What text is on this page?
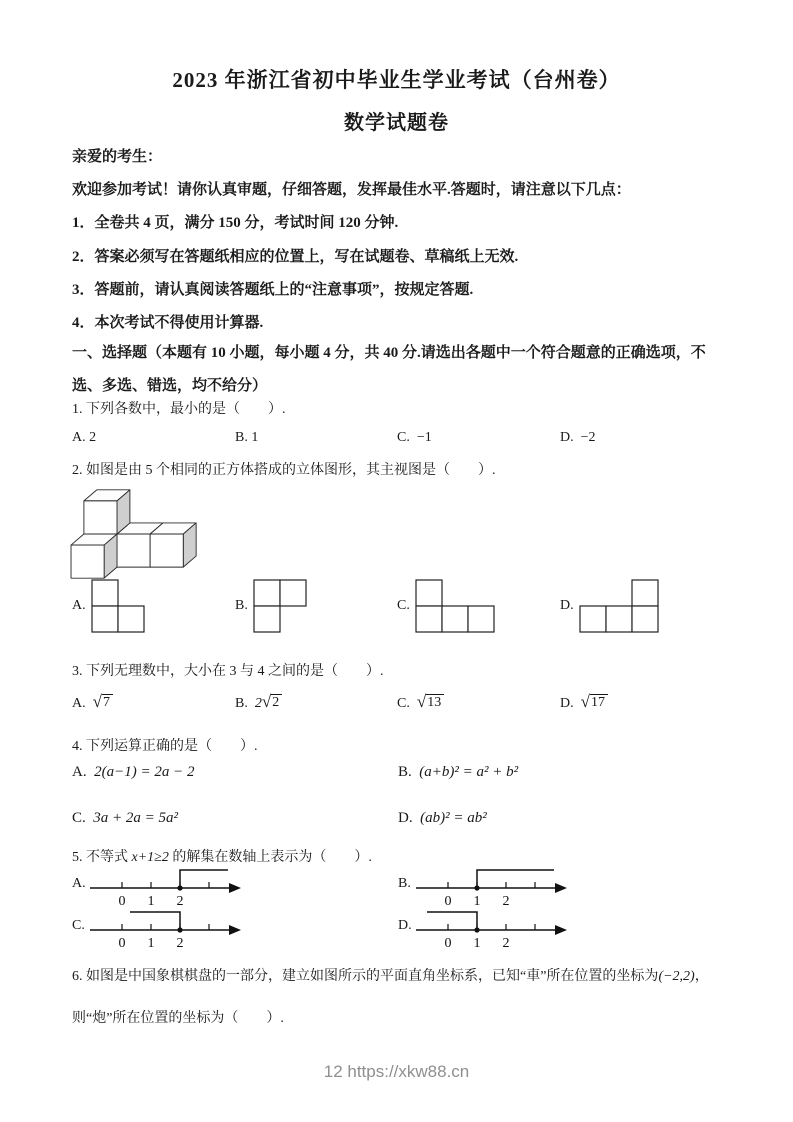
2023 年浙江省初中毕业生学业考试（台州卷）
数学试题卷
亲爱的考生：
欢迎参加考试！请你认真审题，仔细答题，发挥最佳水平.答题时，请注意以下几点：
1．全卷共 4 页，满分 150 分，考试时间 120 分钟.
2．答案必须写在答题纸相应的位置上，写在试题卷、草稿纸上无效.
3．答题前，请认真阅读答题纸上的“注意事项”，按规定答题.
4．本次考试不得使用计算器.
一、选择题（本题有 10 小题，每小题 4 分，共 40 分.请选出各题中一个符合题意的正确选项，不选、多选、错选，均不给分）
1. 下列各数中，最小的是（　　）.
A. 2	B. 1	C. −1	D. −2
2. 如图是由 5 个相同的正方体搭成的立体图形，其主视图是（　　）.
A.	B.	C.	D.
3. 下列无理数中，大小在 3 与 4 之间的是（　　）.
A. √ 7	B. 2 √ 2	C. √ 13	D. √ 17
4. 下列运算正确的是（　　）.
A. 2(a−1) = 2a − 2	B. (a+b)² = a² + b²
C. 3a + 2a = 5a²	D. (ab)² = ab²
5. 不等式 x+1≥2 的解集在数轴上表示为（　　）.
A.
0 1 2
B.
0 1 2
C.
0 1 2
D.
0 1 2
6. 如图是中国象棋棋盘的一部分，建立如图所示的平面直角坐标系，已知“車”所在位置的坐标为(−2,2)，则“炮”所在位置的坐标为（　　）.
12 https://xkw88.cn
